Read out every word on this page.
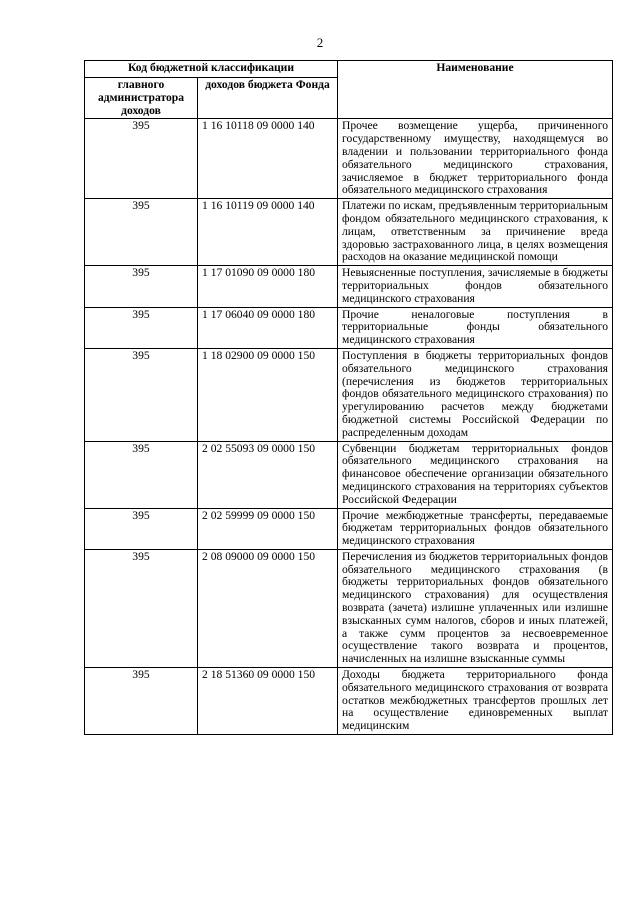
2
Код бюджетной классификации		Наименование
главного администратора доходов	доходов бюджета Фонда	
395	1 16 10118 09 0000 140	Прочее возмещение ущерба, причиненного государственному имуществу, находящемуся во владении и пользовании территориального фонда обязательного медицинского страхования, зачисляемое в бюджет территориального фонда обязательного медицинского страхования
395	1 16 10119 09 0000 140	Платежи по искам, предъявленным территориальным фондом обязательного медицинского страхования, к лицам, ответственным за причинение вреда здоровью застрахованного лица, в целях возмещения расходов на оказание медицинской помощи
395	1 17 01090 09 0000 180	Невыясненные поступления, зачисляемые в бюджеты территориальных фондов обязательного медицинского страхования
395	1 17 06040 09 0000 180	Прочие неналоговые поступления в территориальные фонды обязательного медицинского страхования
395	1 18 02900 09 0000 150	Поступления в бюджеты территориальных фондов обязательного медицинского страхования (перечисления из бюджетов территориальных фондов обязательного медицинского страхования) по урегулированию расчетов между бюджетами бюджетной системы Российской Федерации по распределенным доходам
395	2 02 55093 09 0000 150	Субвенции бюджетам территориальных фондов обязательного медицинского страхования на финансовое обеспечение организации обязательного медицинского страхования на территориях субъектов Российской Федерации
395	2 02 59999 09 0000 150	Прочие межбюджетные трансферты, передаваемые бюджетам территориальных фондов обязательного медицинского страхования
395	2 08 09000 09 0000 150	Перечисления из бюджетов территориальных фондов обязательного медицинского страхования (в бюджеты территориальных фондов обязательного медицинского страхования) для осуществления возврата (зачета) излишне уплаченных или излишне взысканных сумм налогов, сборов и иных платежей, а также сумм процентов за несвоевременное осуществление такого возврата и процентов, начисленных на излишне взысканные суммы
395	2 18 51360 09 0000 150	Доходы бюджета территориального фонда обязательного медицинского страхования от возврата остатков межбюджетных трансфертов прошлых лет на осуществление единовременных выплат медицинским
